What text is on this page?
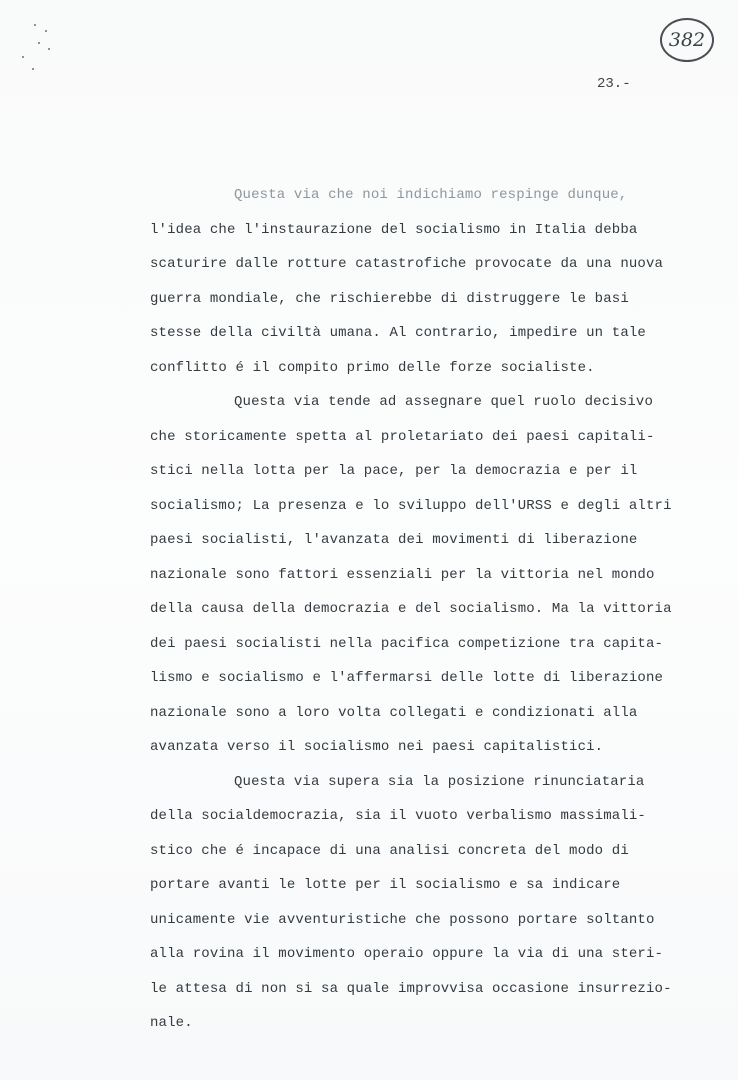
382
23.-
Questa via che noi indichiamo respinge dunque,
l'idea che l'instaurazione del socialismo in Italia debba
scaturire dalle rotture catastrofiche provocate da una nuova
guerra mondiale, che rischierebbe di distruggere le basi
stesse della civiltà umana. Al contrario, impedire un tale
conflitto é il compito primo delle forze socialiste.
Questa via tende ad assegnare quel ruolo decisivo
che storicamente spetta al proletariato dei paesi capitali-
stici nella lotta per la pace, per la democrazia e per il
socialismo; La presenza e lo sviluppo dell'URSS e degli altri
paesi socialisti, l'avanzata dei movimenti di liberazione
nazionale sono fattori essenziali per la vittoria nel mondo
della causa della democrazia e del socialismo. Ma la vittoria
dei paesi socialisti nella pacifica competizione tra capita-
lismo e socialismo e l'affermarsi delle lotte di liberazione
nazionale sono a loro volta collegati e condizionati alla
avanzata verso il socialismo nei paesi capitalistici.
Questa via supera sia la posizione rinunciataria
della socialdemocrazia, sia il vuoto verbalismo massimali-
stico che é incapace di una analisi concreta del modo di
portare avanti le lotte per il socialismo e sa indicare
unicamente vie avventuristiche che possono portare soltanto
alla rovina il movimento operaio oppure la via di una steri-
le attesa di non si sa quale improvvisa occasione insurrezio-
nale.
